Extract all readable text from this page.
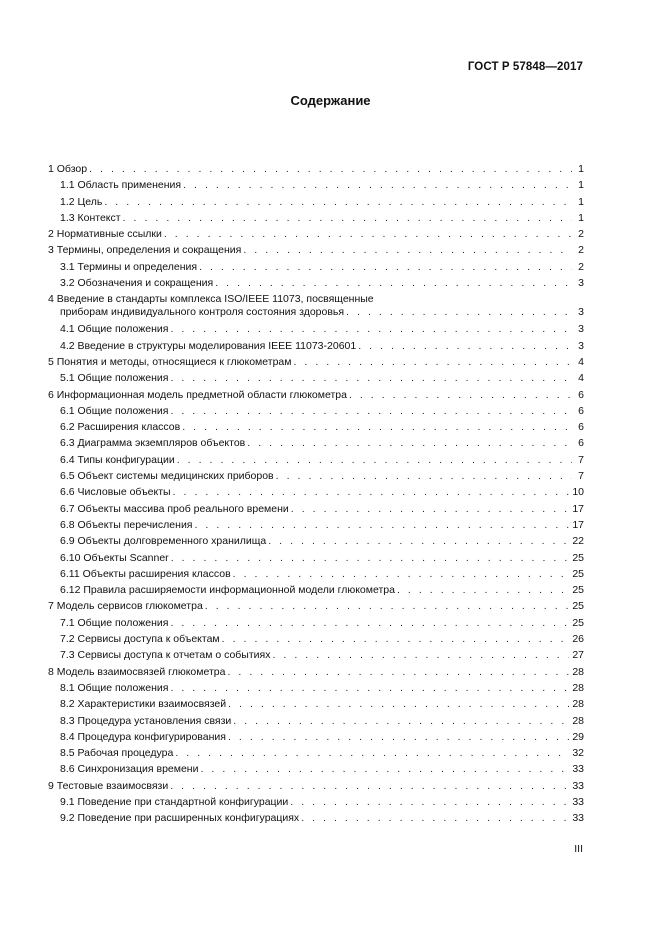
ГОСТ Р 57848—2017
Содержание
1 Обзор . . .	1
1.1 Область применения . . .	1
1.2 Цель . . .	1
1.3 Контекст . . .	1
2 Нормативные ссылки . . .	2
3 Термины, определения и сокращения . . .	2
3.1 Термины и определения . . .	2
3.2 Обозначения и сокращения . . .	3
4 Введение в стандарты комплекса ISO/IEEE 11073, посвященные
приборам индивидуального контроля состояния здоровья . . .	3
4.1 Общие положения . . .	3
4.2 Введение в структуры моделирования IEEE 11073-20601 . . .	3
5 Понятия и методы, относящиеся к глюкометрам . . .	4
5.1 Общие положения . . .	4
6 Информационная модель предметной области глюкометра . . .	6
6.1 Общие положения . . .	6
6.2 Расширения классов . . .	6
6.3 Диаграмма экземпляров объектов . . .	6
6.4 Типы конфигурации . . .	7
6.5 Объект системы медицинских приборов . . .	7
6.6 Числовые объекты . . .	10
6.7 Объекты массива проб реального времени . . .	17
6.8 Объекты перечисления . . .	17
6.9 Объекты долговременного хранилища . . .	22
6.10 Объекты Scanner . . .	25
6.11 Объекты расширения классов . . .	25
6.12 Правила расширяемости информационной модели глюкометра . . .	25
7 Модель сервисов глюкометра . . .	25
7.1 Общие положения . . .	25
7.2 Сервисы доступа к объектам . . .	26
7.3 Сервисы доступа к отчетам о событиях . . .	27
8 Модель взаимосвязей глюкометра . . .	28
8.1 Общие положения . . .	28
8.2 Характеристики взаимосвязей . . .	28
8.3 Процедура установления связи . . .	28
8.4 Процедура конфигурирования . . .	29
8.5 Рабочая процедура . . .	32
8.6 Синхронизация времени . . .	33
9 Тестовые взаимосвязи . . .	33
9.1 Поведение при стандартной конфигурации . . .	33
9.2 Поведение при расширенных конфигурациях . . .	33
III
